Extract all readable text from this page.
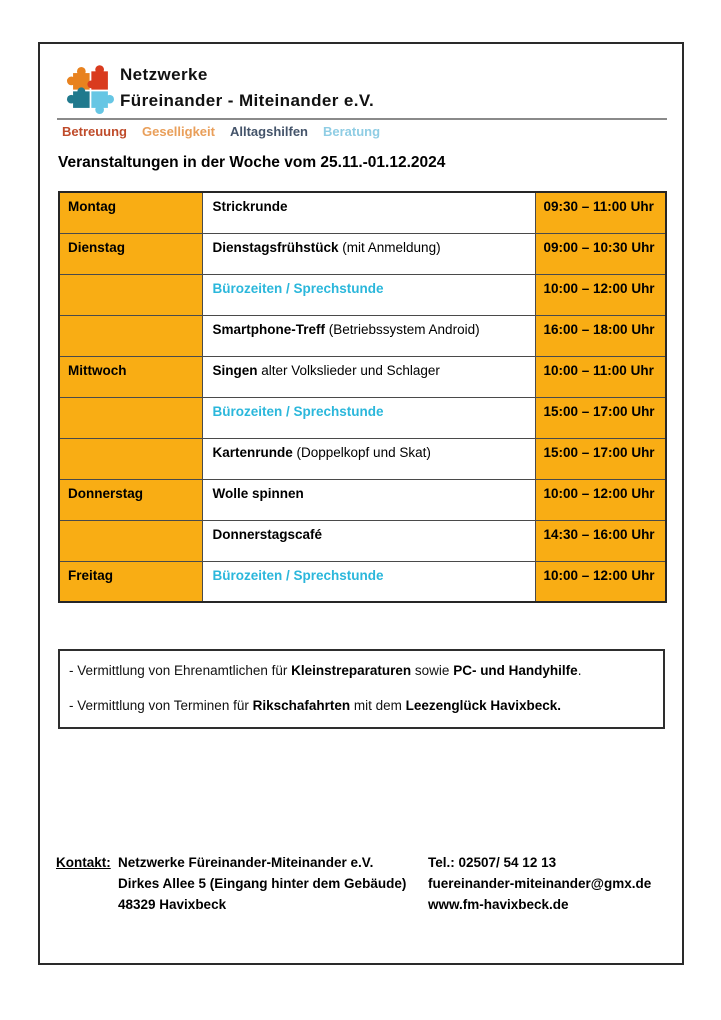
Netzwerke
Füreinander - Miteinander e.V.
Betreuung Geselligkeit Alltagshilfen Beratung
Veranstaltungen in der Woche vom 25.11.-01.12.2024
Montag	Strickrunde	09:30 – 11:00 Uhr
Dienstag	Dienstagsfrühstück (mit Anmeldung)	09:00 – 10:30 Uhr
	Bürozeiten / Sprechstunde	10:00 – 12:00 Uhr
	Smartphone-Treff (Betriebssystem Android)	16:00 – 18:00 Uhr
Mittwoch	Singen alter Volkslieder und Schlager	10:00 – 11:00 Uhr
	Bürozeiten / Sprechstunde	15:00 – 17:00 Uhr
	Kartenrunde (Doppelkopf und Skat)	15:00 – 17:00 Uhr
Donnerstag	Wolle spinnen	10:00 – 12:00 Uhr
	Donnerstagscafé	14:30 – 16:00 Uhr
Freitag	Bürozeiten / Sprechstunde	10:00 – 12:00 Uhr
- Vermittlung von Ehrenamtlichen für Kleinstreparaturen sowie PC- und Handyhilfe.
- Vermittlung von Terminen für Rikschafahrten mit dem Leezenglück Havixbeck.
Kontakt: Netzwerke Füreinander-Miteinander e.V.
Dirkes Allee 5 (Eingang hinter dem Gebäude)
48329 Havixbeck
Tel.: 02507/ 54 12 13
fuereinander-miteinander@gmx.de
www.fm-havixbeck.de
